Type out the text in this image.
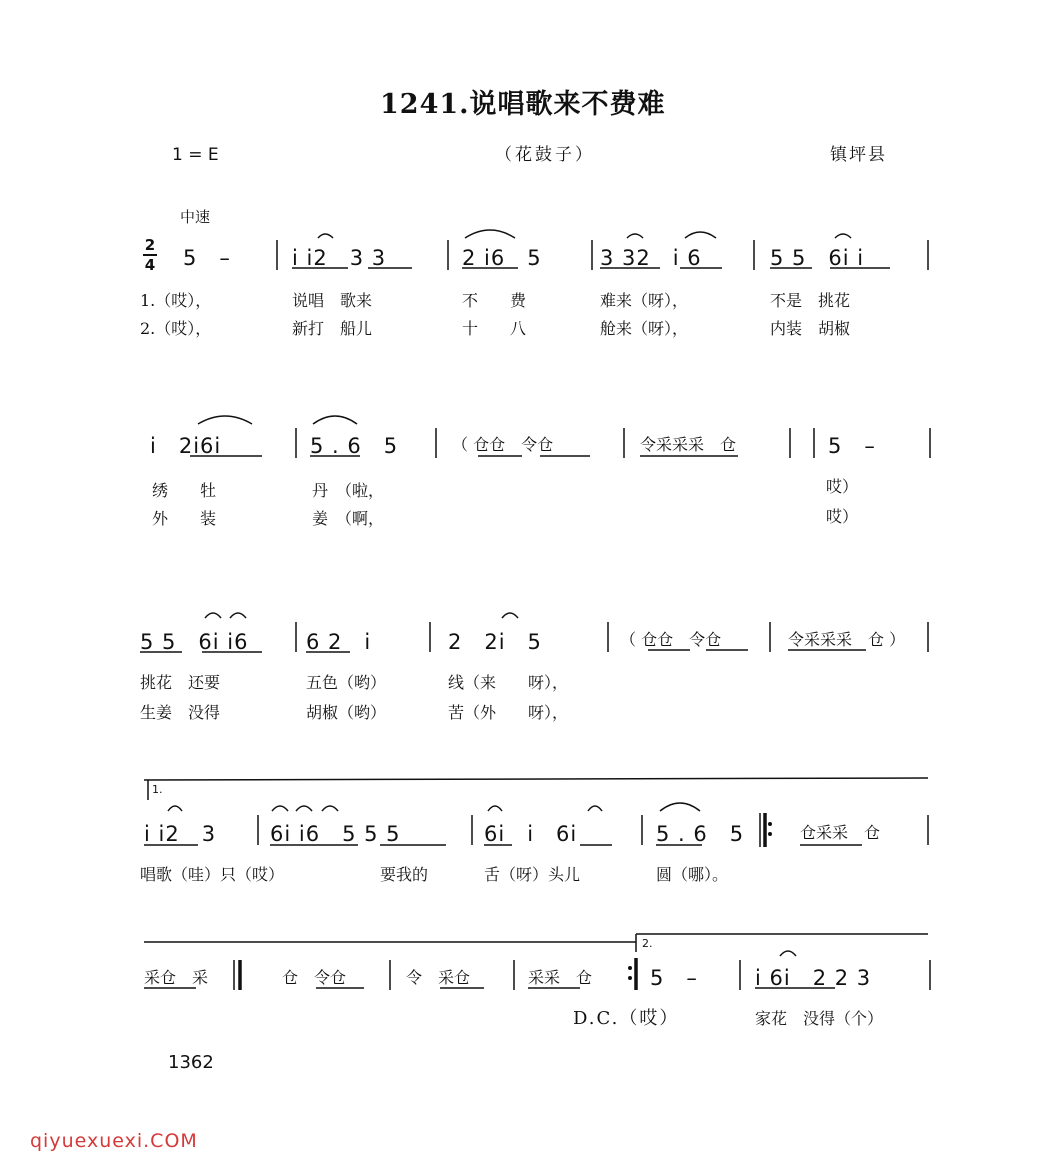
1241.说唱歌来不费难
1 = E	（花鼓子）	镇坪县
中速
2
4 5　–	i i2　3 3	2 i6　5	3 32　i 6	5 5　6i i
1.（哎），	说唱　歌来	不　　费	难来（呀），	不是　挑花
2.（哎），	新打　船儿	十　　八	舱来（呀），	内装　胡椒
i　2i6i	5 . 6　5	（ 仓仓　令仓	令采采采　仓	5　–
绣　　牡	丹　（啦，	哎）
外　　装	姜　（啊，	哎）
5 5　6i i6	6 2　i	2　2i　5	（ 仓仓　令仓	令采采采　仓 ）
挑花　还要	五色（哟）	线（来　　呀），
生姜　没得	胡椒（哟）	苦（外　　呀），
1.
i i2　3	6i i6　5 5 5	6i　i　6i	5 . 6　5	仓采采　仓
唱歌（哇）只（哎）	要我的	舌（呀）头儿	圆（哪）。
2.
采仓　采	仓　令仓	令　采仓	采采　仓	5　–	i 6i　2 2 3
D.C.（哎）	家花　没得（个）
1362
qiyuexuexi.COM
